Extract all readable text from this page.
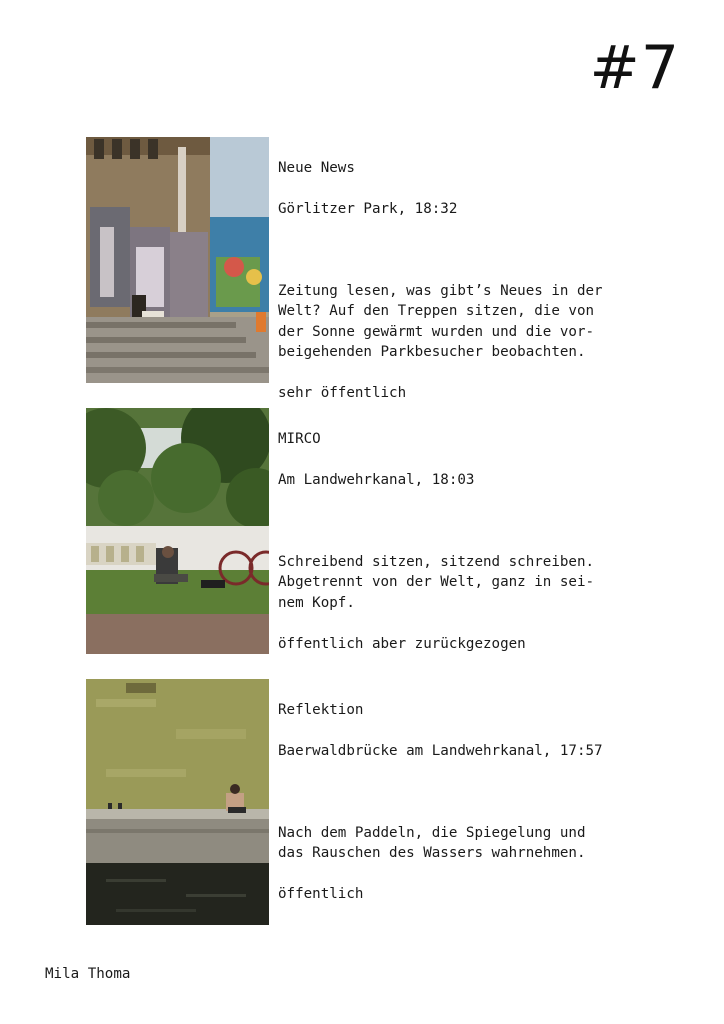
#7

Neue News

Görlitzer Park, 18:32

Zeitung lesen, was gibt’s Neues in der
Welt? Auf den Treppen sitzen, die von
der Sonne gewärmt wurden und die vor-
beigehenden Parkbesucher beobachten.

sehr öffentlich

MIRCO

Am Landwehrkanal, 18:03

Schreibend sitzen, sitzend schreiben.
Abgetrennt von der Welt, ganz in sei-
nem Kopf.

öffentlich aber zurückgezogen

Reflektion

Baerwaldbrücke am Landwehrkanal, 17:57

Nach dem Paddeln, die Spiegelung und
das Rauschen des Wassers wahrnehmen.

öffentlich

Mila Thoma
